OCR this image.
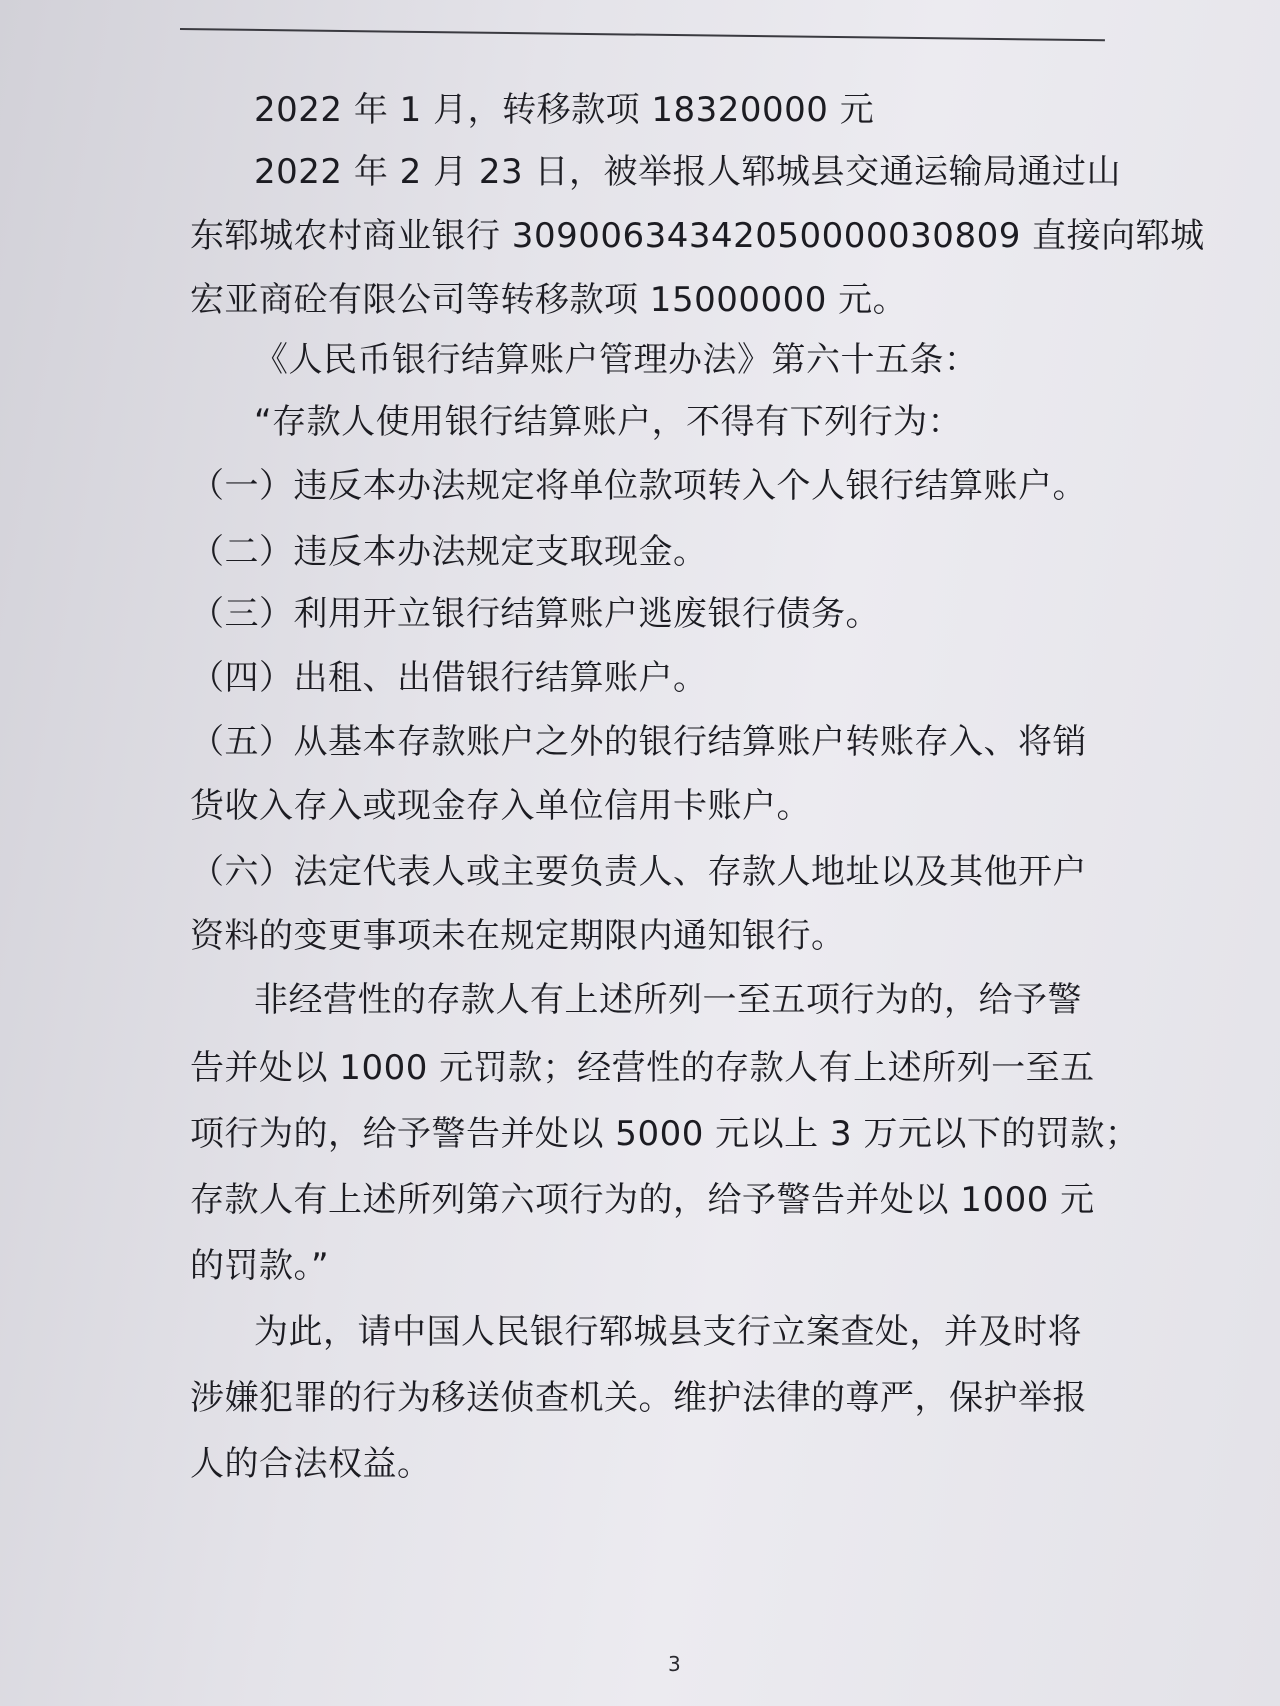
2022 年 1 月，转移款项 18320000 元
2022 年 2 月 23 日，被举报人郓城县交通运输局通过山
东郓城农村商业银行 30900634342050000030809 直接向郓城
宏亚商砼有限公司等转移款项 15000000 元。
《人民币银行结算账户管理办法》第六十五条：
“存款人使用银行结算账户，不得有下列行为：
（一）违反本办法规定将单位款项转入个人银行结算账户。
（二）违反本办法规定支取现金。
（三）利用开立银行结算账户逃废银行债务。
（四）出租、出借银行结算账户。
（五）从基本存款账户之外的银行结算账户转账存入、将销
货收入存入或现金存入单位信用卡账户。
（六）法定代表人或主要负责人、存款人地址以及其他开户
资料的变更事项未在规定期限内通知银行。
非经营性的存款人有上述所列一至五项行为的，给予警
告并处以 1000 元罚款；经营性的存款人有上述所列一至五
项行为的，给予警告并处以 5000 元以上 3 万元以下的罚款；
存款人有上述所列第六项行为的，给予警告并处以 1000 元
的罚款。”
为此，请中国人民银行郓城县支行立案查处，并及时将
涉嫌犯罪的行为移送侦查机关。维护法律的尊严，保护举报
人的合法权益。
3
